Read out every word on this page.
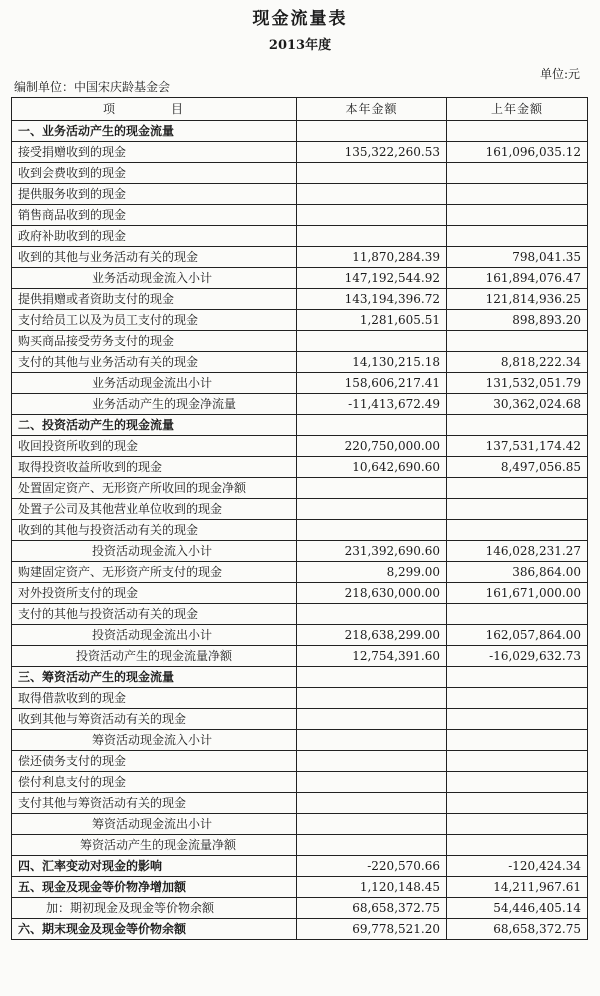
现金流量表
2013年度
编制单位：中国宋庆龄基金会
单位:元
项　目	本年金额	上年金额
一、业务活动产生的现金流量		
接受捐赠收到的现金	135,322,260.53	161,096,035.12
收到会费收到的现金		
提供服务收到的现金		
销售商品收到的现金		
政府补助收到的现金		
收到的其他与业务活动有关的现金	11,870,284.39	798,041.35
业务活动现金流入小计	147,192,544.92	161,894,076.47
提供捐赠或者资助支付的现金	143,194,396.72	121,814,936.25
支付给员工以及为员工支付的现金	1,281,605.51	898,893.20
购买商品接受劳务支付的现金		
支付的其他与业务活动有关的现金	14,130,215.18	8,818,222.34
业务活动现金流出小计	158,606,217.41	131,532,051.79
业务活动产生的现金净流量	-11,413,672.49	30,362,024.68
二、投资活动产生的现金流量		
收回投资所收到的现金	220,750,000.00	137,531,174.42
取得投资收益所收到的现金	10,642,690.60	8,497,056.85
处置固定资产、无形资产所收回的现金净额		
处置子公司及其他营业单位收到的现金		
收到的其他与投资活动有关的现金		
投资活动现金流入小计	231,392,690.60	146,028,231.27
购建固定资产、无形资产所支付的现金	8,299.00	386,864.00
对外投资所支付的现金	218,630,000.00	161,671,000.00
支付的其他与投资活动有关的现金		
投资活动现金流出小计	218,638,299.00	162,057,864.00
投资活动产生的现金流量净额	12,754,391.60	-16,029,632.73
三、筹资活动产生的现金流量		
取得借款收到的现金		
收到其他与筹资活动有关的现金		
筹资活动现金流入小计		
偿还债务支付的现金		
偿付利息支付的现金		
支付其他与筹资活动有关的现金		
筹资活动现金流出小计		
筹资活动产生的现金流量净额		
四、汇率变动对现金的影响	-220,570.66	-120,424.34
五、现金及现金等价物净增加额	1,120,148.45	14,211,967.61
加：期初现金及现金等价物余额	68,658,372.75	54,446,405.14
六、期末现金及现金等价物余额	69,778,521.20	68,658,372.75
